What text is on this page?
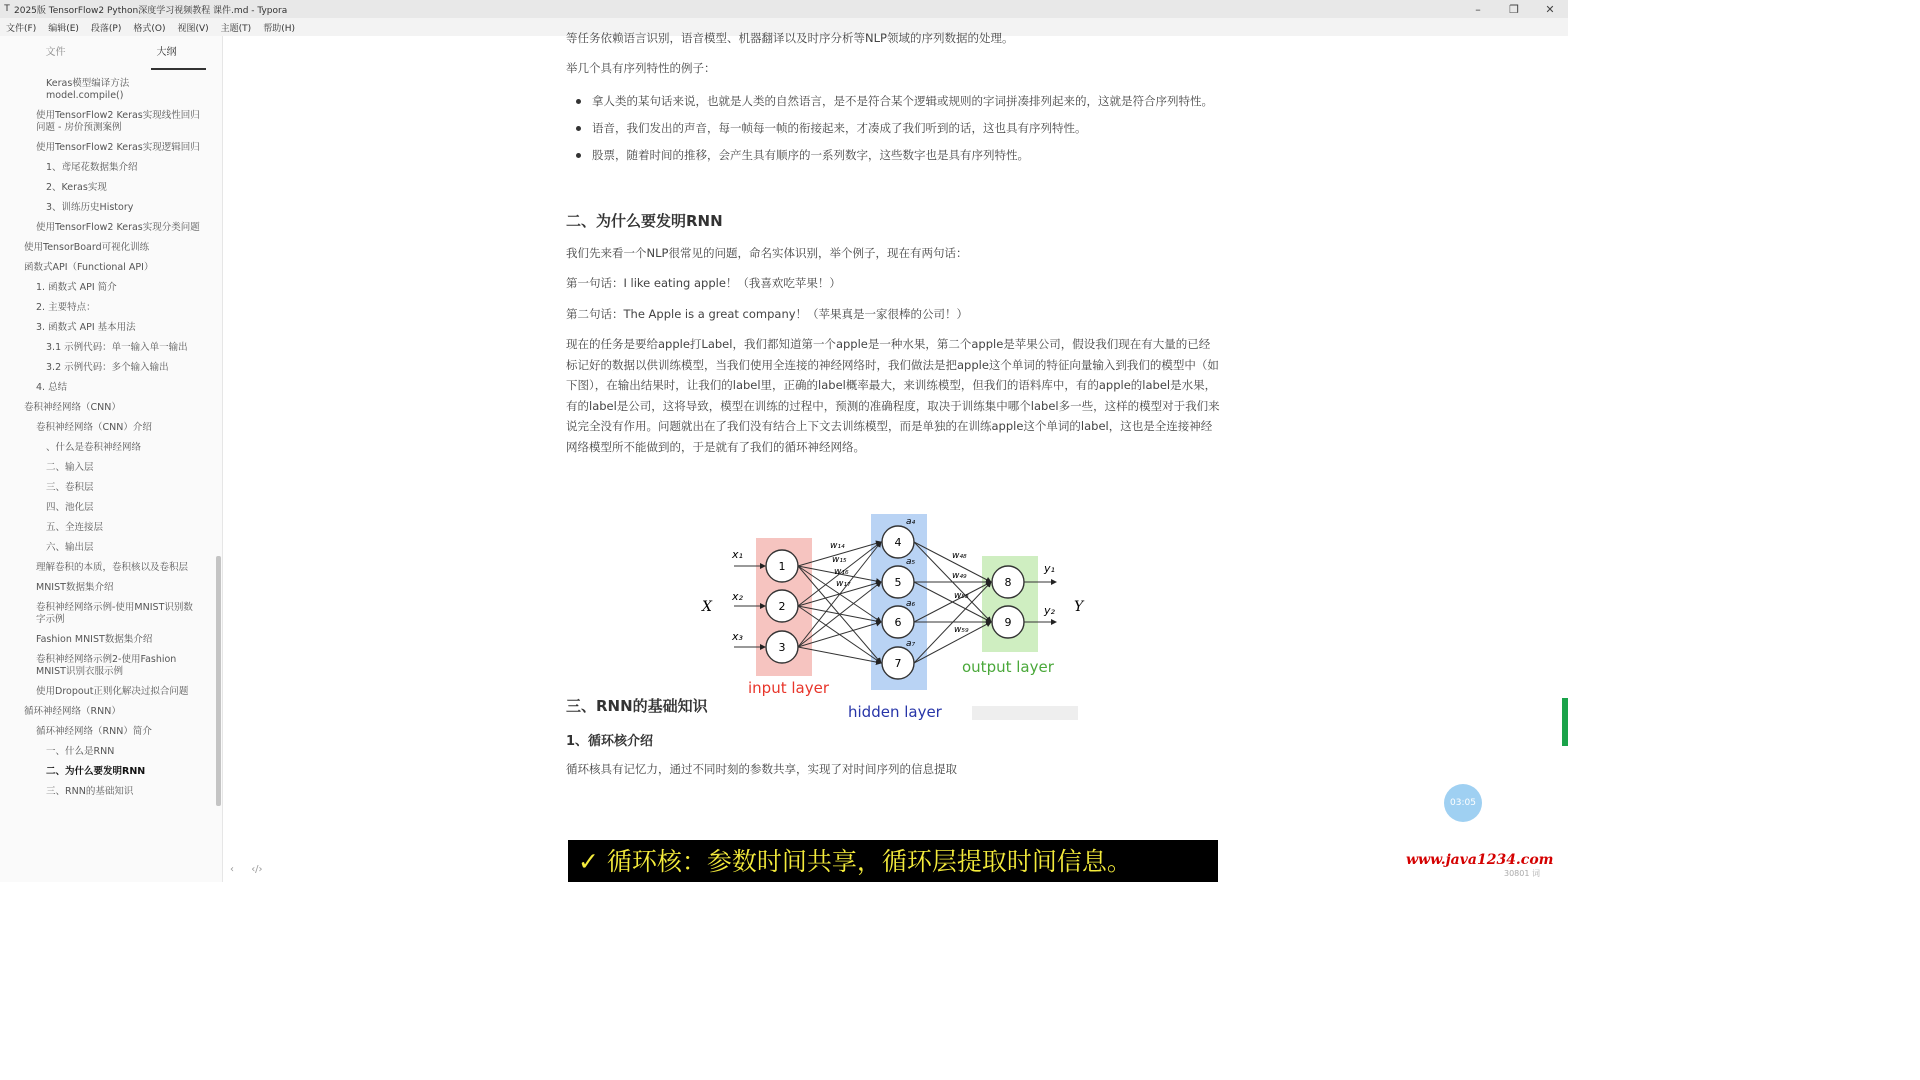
T 2025版 TensorFlow2 Python深度学习视频教程 课件.md - Typora	–	❐	✕
文件(F)	编辑(E)	段落(P)	格式(O)	视图(V)	主题(T)	帮助(H)
文件	大纲
Keras模型编译方法 model.compile()
使用TensorFlow2 Keras实现线性回归问题 - 房价预测案例
使用TensorFlow2 Keras实现逻辑回归
1、鸢尾花数据集介绍
2、Keras实现
3、训练历史History
使用TensorFlow2 Keras实现分类问题
使用TensorBoard可视化训练
函数式API（Functional API）
1. 函数式 API 简介
2. 主要特点：
3. 函数式 API 基本用法
3.1 示例代码：单一输入单一输出
3.2 示例代码：多个输入输出
4. 总结
卷积神经网络（CNN）
卷积神经网络（CNN）介绍
、什么是卷积神经网络
二、输入层
三、卷积层
四、池化层
五、全连接层
六、输出层
理解卷积的本质，卷积核以及卷积层
MNIST数据集介绍
卷积神经网络示例-使用MNIST识别数字示例
Fashion MNIST数据集介绍
卷积神经网络示例2-使用Fashion MNIST识别衣服示例
使用Dropout正则化解决过拟合问题
循环神经网络（RNN）
循环神经网络（RNN）简介
一、什么是RNN
二、为什么要发明RNN
三、RNN的基础知识
‹ ‹/›

等任务依赖语言识别，语音模型、机器翻译以及时序分析等NLP领域的序列数据的处理。

举几个具有序列特性的例子：

拿人类的某句话来说，也就是人类的自然语言，是不是符合某个逻辑或规则的字词拼凑排列起来的，这就是符合序列特性。
语音，我们发出的声音，每一帧每一帧的衔接起来，才凑成了我们听到的话，这也具有序列特性。
股票，随着时间的推移，会产生具有顺序的一系列数字，这些数字也是具有序列特性。
二、为什么要发明RNN

我们先来看一个NLP很常见的问题，命名实体识别，举个例子，现在有两句话：

第一句话：I like eating apple！（我喜欢吃苹果！）

第二句话：The Apple is a great company！（苹果真是一家很棒的公司！）

现在的任务是要给apple打Label，我们都知道第一个apple是一种水果，第二个apple是苹果公司，假设我们现在有大量的已经标记好的数据以供训练模型，当我们使用全连接的神经网络时，我们做法是把apple这个单词的特征向量输入到我们的模型中（如下图），在输出结果时，让我们的label里，正确的label概率最大，来训练模型，但我们的语料库中，有的apple的label是水果，有的label是公司，这将导致，模型在训练的过程中，预测的准确程度，取决于训练集中哪个label多一些，这样的模型对于我们来说完全没有作用。问题就出在了我们没有结合上下文去训练模型，而是单独的在训练apple这个单词的label，这也是全连接神经网络模型所不能做到的，于是就有了我们的循环神经网络。

三、RNN的基础知识
1、循环核介绍

循环核具有记忆力，通过不同时刻的参数共享，实现了对时间序列的信息提取

1
2
3
4
5
6
7
8
9
X	Y
x₁
x₂
x₃
y₁
y₂
w₁₄
w₁₅
w₁₆
w₁₇
w₄₈
w₄₉
w₅₈
w₅₉
a₄
a₅
a₆
a₇
input layer
hidden layer
output layer
✓ 循环核：参数时间共享，循环层提取时间信息。
03:05
www.java1234.com
30801 词
